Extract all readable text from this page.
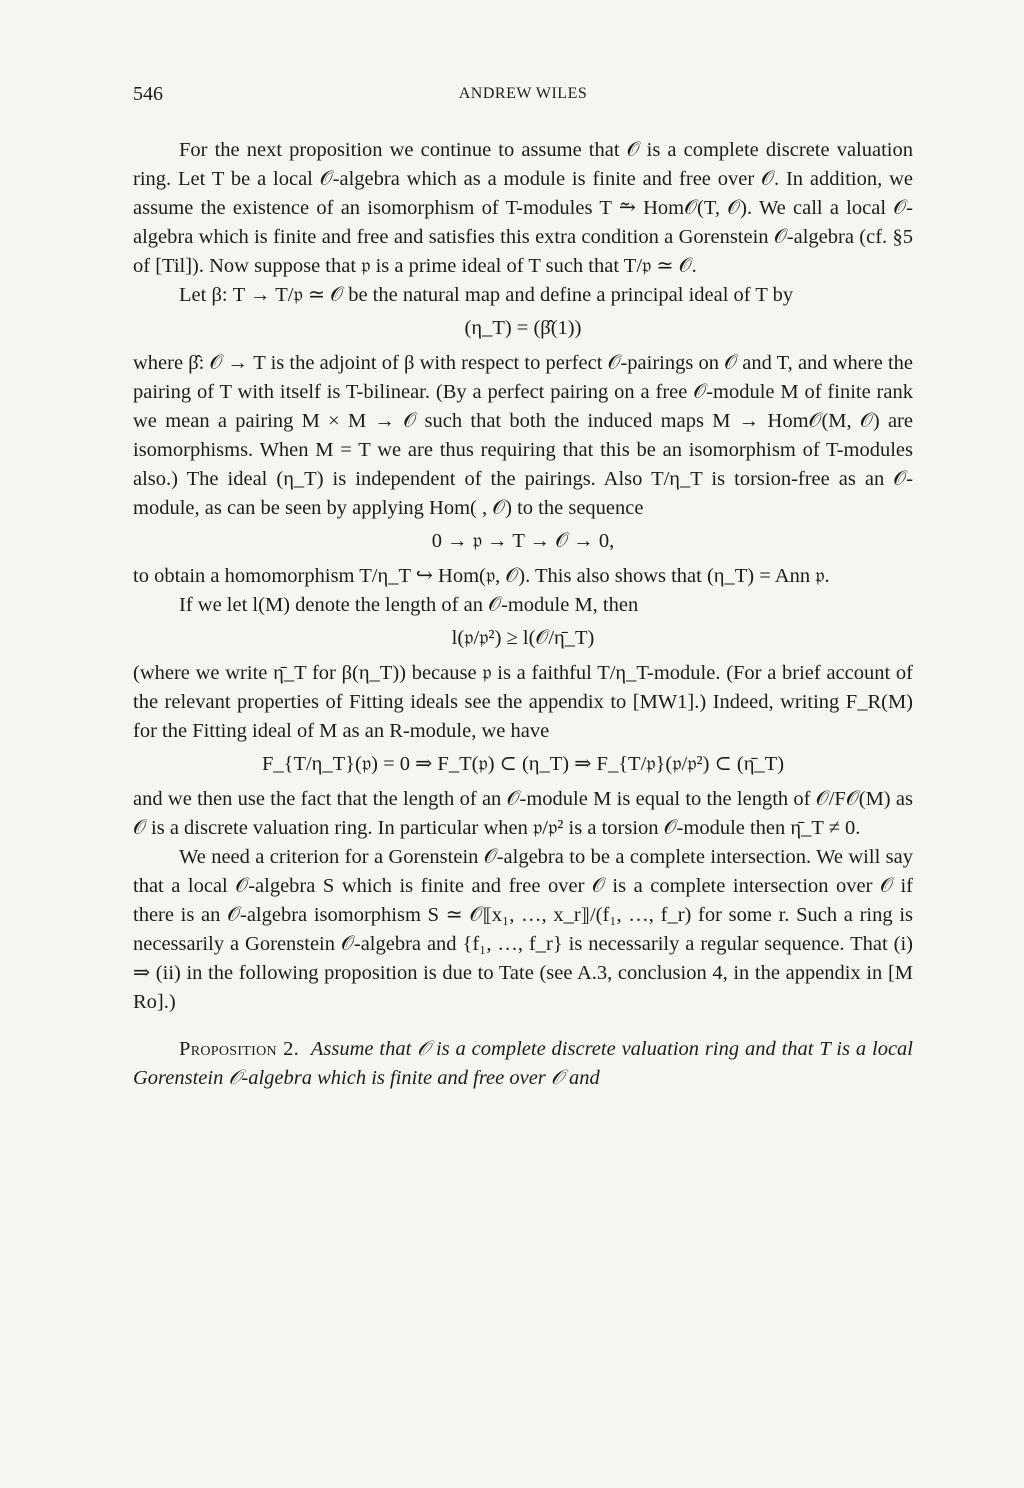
546	ANDREW WILES

For the next proposition we continue to assume that 𝒪 is a complete discrete valuation ring. Let T be a local 𝒪-algebra which as a module is finite and free over 𝒪. In addition, we assume the existence of an isomorphism of T-modules T ⥲ Hom𝒪(T, 𝒪). We call a local 𝒪-algebra which is finite and free and satisfies this extra condition a Gorenstein 𝒪-algebra (cf. §5 of [Til]). Now suppose that 𝔭 is a prime ideal of T such that T/𝔭 ≃ 𝒪.

Let β: T → T/𝔭 ≃ 𝒪 be the natural map and define a principal ideal of T by

(η_T) = (β̂(1))

where β̂: 𝒪 → T is the adjoint of β with respect to perfect 𝒪-pairings on 𝒪 and T, and where the pairing of T with itself is T-bilinear. (By a perfect pairing on a free 𝒪-module M of finite rank we mean a pairing M × M → 𝒪 such that both the induced maps M → Hom𝒪(M, 𝒪) are isomorphisms. When M = T we are thus requiring that this be an isomorphism of T-modules also.) The ideal (η_T) is independent of the pairings. Also T/η_T is torsion-free as an 𝒪-module, as can be seen by applying Hom( , 𝒪) to the sequence

0 → 𝔭 → T → 𝒪 → 0,

to obtain a homomorphism T/η_T ↪ Hom(𝔭, 𝒪). This also shows that (η_T) = Ann 𝔭.

If we let l(M) denote the length of an 𝒪-module M, then

l(𝔭/𝔭²) ≥ l(𝒪/η̄_T)

(where we write η̄_T for β(η_T)) because 𝔭 is a faithful T/η_T-module. (For a brief account of the relevant properties of Fitting ideals see the appendix to [MW1].) Indeed, writing F_R(M) for the Fitting ideal of M as an R-module, we have

F_{T/η_T}(𝔭) = 0 ⇒ F_T(𝔭) ⊂ (η_T) ⇒ F_{T/𝔭}(𝔭/𝔭²) ⊂ (η̄_T)

and we then use the fact that the length of an 𝒪-module M is equal to the length of 𝒪/F𝒪(M) as 𝒪 is a discrete valuation ring. In particular when 𝔭/𝔭² is a torsion 𝒪-module then η̄_T ≠ 0.

We need a criterion for a Gorenstein 𝒪-algebra to be a complete intersection. We will say that a local 𝒪-algebra S which is finite and free over 𝒪 is a complete intersection over 𝒪 if there is an 𝒪-algebra isomorphism S ≃ 𝒪⟦x₁, …, x_r⟧/(f₁, …, f_r) for some r. Such a ring is necessarily a Gorenstein 𝒪-algebra and {f₁, …, f_r} is necessarily a regular sequence. That (i) ⇒ (ii) in the following proposition is due to Tate (see A.3, conclusion 4, in the appendix in [M Ro].)

Proposition 2. Assume that 𝒪 is a complete discrete valuation ring and that T is a local Gorenstein 𝒪-algebra which is finite and free over 𝒪 and
